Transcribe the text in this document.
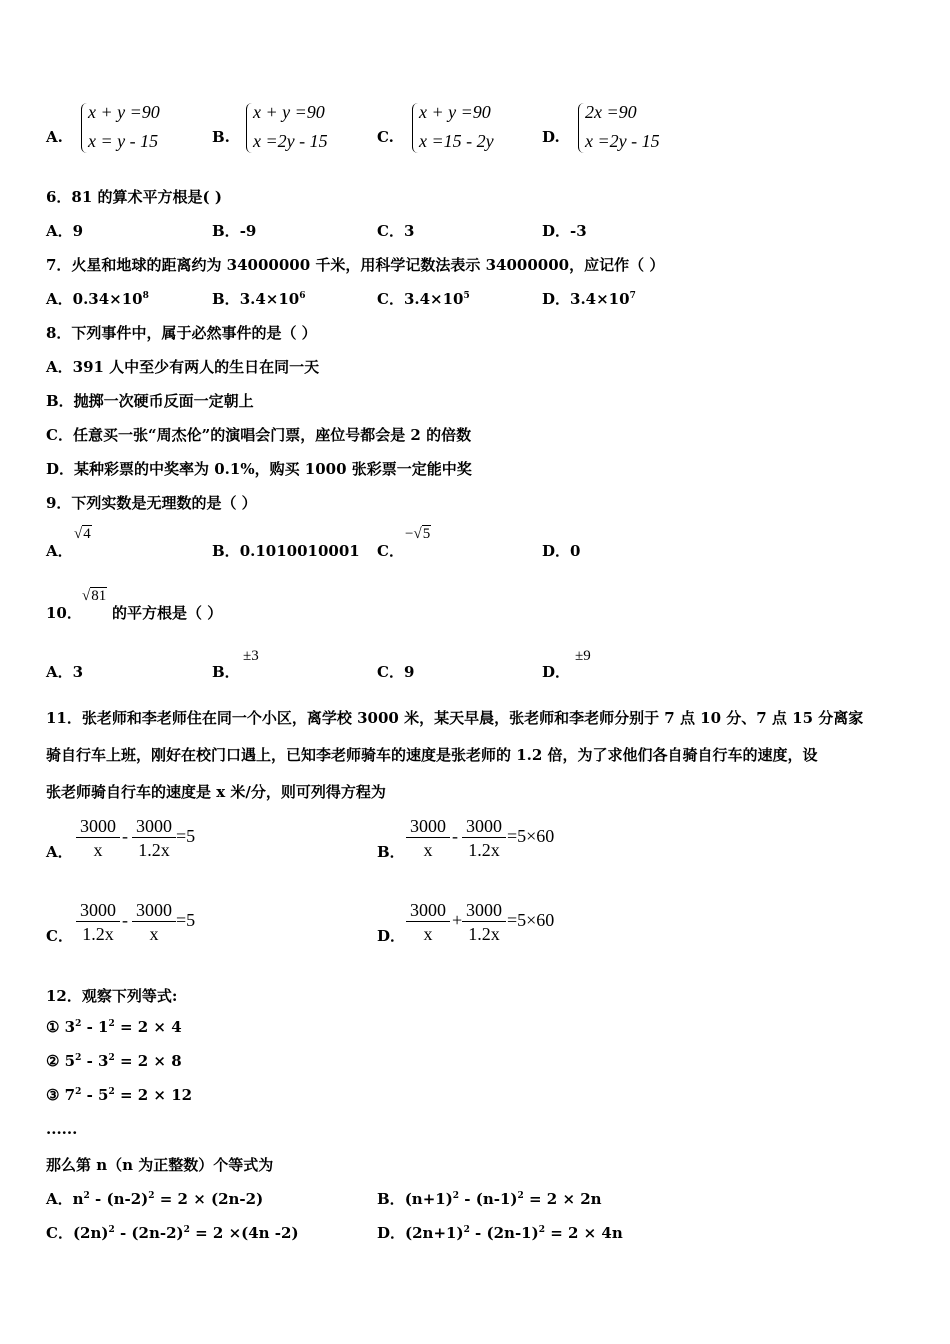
A.
x + y =90
x = y - 15	B.
x + y =90
x =2y - 15	C.
x + y =90
x =15 - 2y	D.
2x =90
x =2y - 15
6．81 的算术平方根是( )
A．9	B．-9	C．3	D．-3
7．火星和地球的距离约为 34000000 千米，用科学记数法表示 34000000，应记作（ ）
A．$0.34\times 10^8$	B．$3.4\times 10^6$	C．$3.4\times 10^5$	D．$3.4\times 10^7$
8．下列事件中，属于必然事件的是（ ）
A．391 人中至少有两人的生日在同一天
B．抛掷一次硬币反面一定朝上
C．任意买一张“周杰伦”的演唱会门票，座位号都会是 2 的倍数
D．某种彩票的中奖率为 0.1%，购买 1000 张彩票一定能中奖
9．下列实数是无理数的是（ ）
A．
√4
B．0.1010010001 C．
−√5
D．0
10．
√81
的平方根是（ ）
A．3	B．
±3
C．9	D．
±9
11．张老师和李老师住在同一个小区，离学校 3000 米，某天早晨，张老师和李老师分别于 7 点 10 分、7 点 15 分离家
骑自行车上班，刚好在校门口遇上，已知李老师骑车的速度是张老师的 1.2 倍，为了求他们各自骑自行车的速度，设
张老师骑自行车的速度是 x 米/分，则可列得方程为
A． $\frac{3000}{x} - \frac{3000}{1.2x} =5$
B． $\frac{3000}{x} - \frac{3000}{1.2x} =5\times 60$
C． $\frac{3000}{1.2x} - \frac{3000}{x} =5$
D． $\frac{3000}{x} + \frac{3000}{1.2x} =5\times 60$
12．观察下列等式:
① $3^2 - 1^2 = 2 \times 4$
② $5^2 - 3^2 = 2 \times 8$
③ $7^2 - 5^2 = 2 \times 12$
......
那么第 n（n 为正整数）个等式为
A．$n^2 - (n-2)^2 = 2 \times (2n-2)$	B．$(n+1)^2 - (n-1)^2 = 2 \times 2n$
C．$(2n)^2 - (2n-2)^2 = 2 \times(4n$ -2)	D．$(2n+1)^2 - (2n-1)^2 = 2 \times 4n$
